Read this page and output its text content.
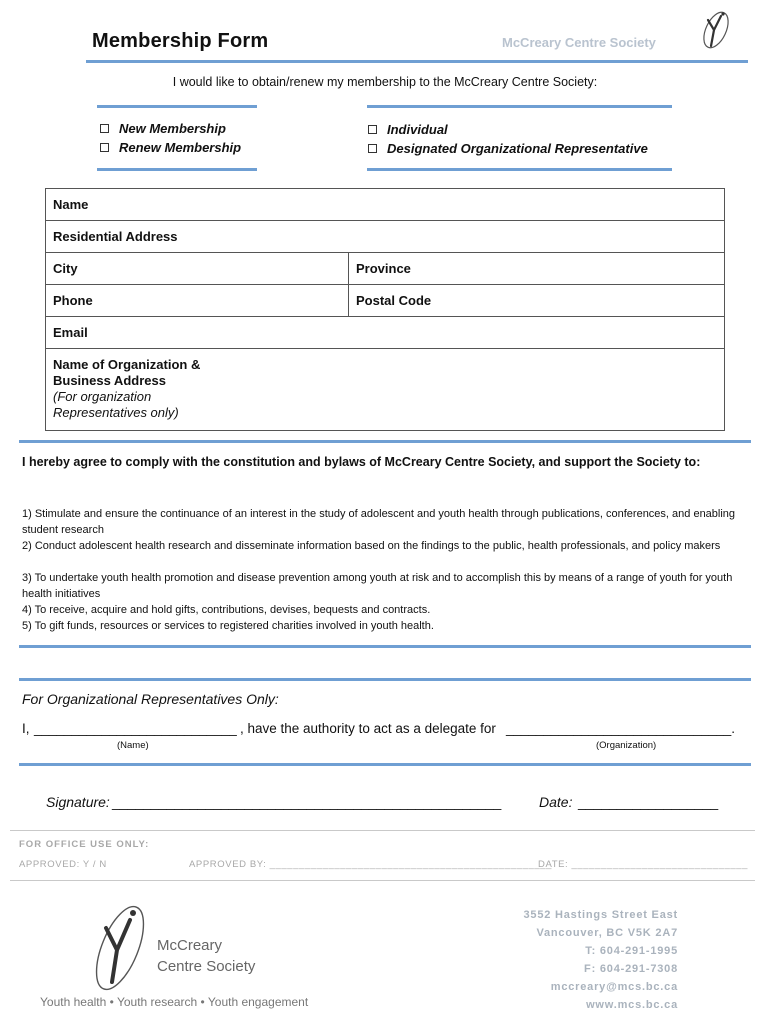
Membership Form	McCreary Centre Society
I would like to obtain/renew my membership to the McCreary Centre Society:
New Membership
Renew Membership
Individual
Designated Organizational Representative
Name	
Residential Address	
City	Province
Phone	Postal Code
Email	

Name of Organization &
Business Address
(For organization
Representatives only)	
I hereby agree to comply with the constitution and bylaws of McCreary Centre Society, and support the Society to:
1) Stimulate and ensure the continuance of an interest in the study of adolescent and youth health through publications, conferences, and enabling student research
2) Conduct adolescent health research and disseminate information based on the findings to the public, health professionals, and policy makers
3) To undertake youth health promotion and disease prevention among youth at risk and to accomplish this by means of a range of youth for youth health initiatives
4) To receive, acquire and hold gifts, contributions, devises, bequests and contracts.
5) To gift funds, resources or services to registered charities involved in youth health.
For Organizational Representatives Only:
I, ___________________________ , have the authority to act as a delegate for ______________________________.
(Name)	(Organization)
Signature: __________________________________________________	Date: __________________
FOR OFFICE USE ONLY:
APPROVED: Y / N	APPROVED BY: ________________________________________________
DATE: ______________________________
McCreary
Centre Society
Youth health • Youth research • Youth engagement
3552 Hastings Street East
Vancouver, BC V5K 2A7
T: 604-291-1995
F: 604-291-7308
mccreary@mcs.bc.ca
www.mcs.bc.ca
